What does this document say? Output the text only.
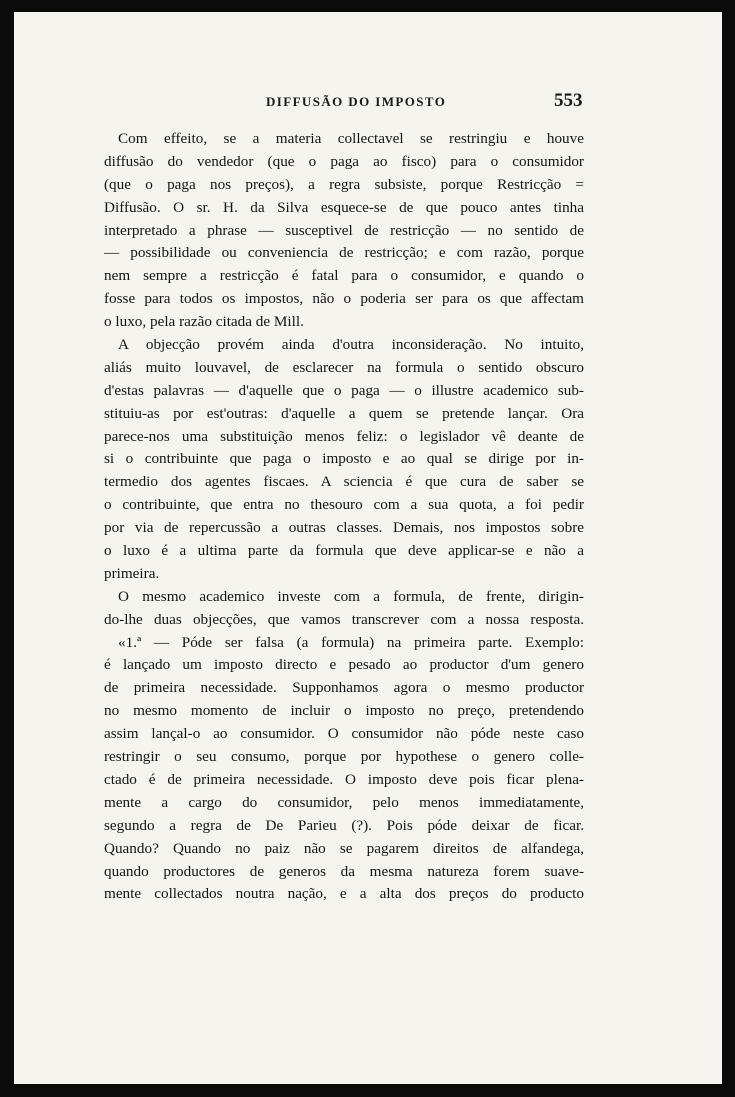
DIFFUSÃO DO IMPOSTO	553
Com effeito, se a materia collectavel se restringiu e houve
diffusão do vendedor (que o paga ao fisco) para o consumidor
(que o paga nos preços), a regra subsiste, porque Restricção =
Diffusão. O sr. H. da Silva esquece-se de que pouco antes tinha
interpretado a phrase — susceptivel de restricção — no sentido de
— possibilidade ou conveniencia de restricção; e com razão, porque
nem sempre a restricção é fatal para o consumidor, e quando o
fosse para todos os impostos, não o poderia ser para os que affectam
o luxo, pela razão citada de Mill.
A objecção provém ainda d'outra inconsideração. No intuito,
aliás muito louvavel, de esclarecer na formula o sentido obscuro
d'estas palavras — d'aquelle que o paga — o illustre academico sub-
stituiu-as por est'outras: d'aquelle a quem se pretende lançar. Ora
parece-nos uma substituição menos feliz: o legislador vê deante de
si o contribuinte que paga o imposto e ao qual se dirige por in-
termedio dos agentes fiscaes. A sciencia é que cura de saber se
o contribuinte, que entra no thesouro com a sua quota, a foi pedir
por via de repercussão a outras classes. Demais, nos impostos sobre
o luxo é a ultima parte da formula que deve applicar-se e não a
primeira.
O mesmo academico investe com a formula, de frente, dirigin-
do-lhe duas objecções, que vamos transcrever com a nossa resposta.
«1.ª — Póde ser falsa (a formula) na primeira parte. Exemplo:
é lançado um imposto directo e pesado ao productor d'um genero
de primeira necessidade. Supponhamos agora o mesmo productor
no mesmo momento de incluir o imposto no preço, pretendendo
assim lançal-o ao consumidor. O consumidor não póde neste caso
restringir o seu consumo, porque por hypothese o genero colle-
ctado é de primeira necessidade. O imposto deve pois ficar plena-
mente a cargo do consumidor, pelo menos immediatamente,
segundo a regra de De Parieu (?). Pois póde deixar de ficar.
Quando? Quando no paiz não se pagarem direitos de alfandega,
quando productores de generos da mesma natureza forem suave-
mente collectados noutra nação, e a alta dos preços do producto
